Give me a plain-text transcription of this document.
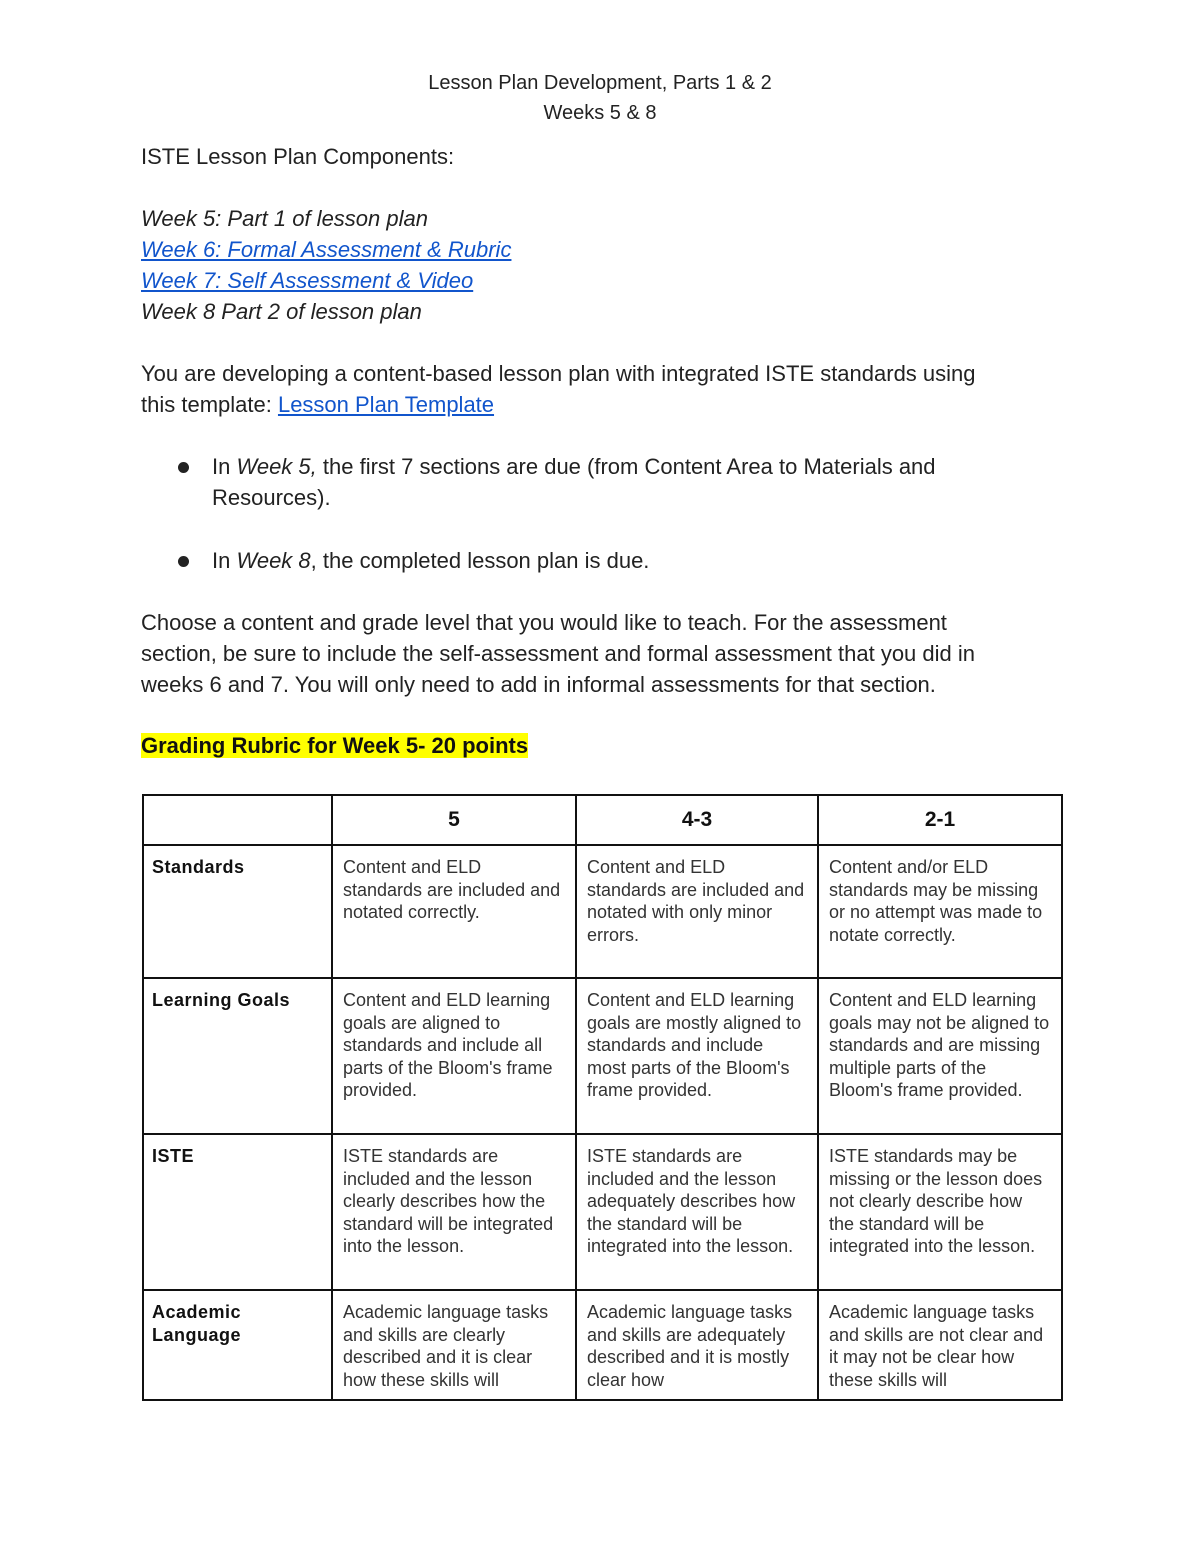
Lesson Plan Development, Parts 1 & 2
Weeks 5 & 8
ISTE Lesson Plan Components:
Week 5: Part 1 of lesson plan
Week 6: Formal Assessment & Rubric
Week 7: Self Assessment & Video
Week 8 Part 2 of lesson plan
You are developing a content-based lesson plan with integrated ISTE standards using
this template: Lesson Plan Template
In Week 5, the first 7 sections are due (from Content Area to Materials and Resources).
In Week 8, the completed lesson plan is due.
Choose a content and grade level that you would like to teach. For the assessment
section, be sure to include the self-assessment and formal assessment that you did in
weeks 6 and 7. You will only need to add in informal assessments for that section.
Grading Rubric for Week 5- 20 points
	5	4-3	2-1
Standards	Content and ELD standards are included and notated correctly.	Content and ELD standards are included and notated with only minor errors.	Content and/or ELD standards may be missing or no attempt was made to notate correctly.
Learning Goals	Content and ELD learning goals are aligned to standards and include all parts of the Bloom's frame provided.	Content and ELD learning goals are mostly aligned to standards and include most parts of the Bloom's frame provided.	Content and ELD learning goals may not be aligned to standards and are missing multiple parts of the Bloom's frame provided.
ISTE	ISTE standards are included and the lesson clearly describes how the standard will be integrated into the lesson.	ISTE standards are included and the lesson adequately describes how the standard will be integrated into the lesson.	ISTE standards may be missing or the lesson does not clearly describe how the standard will be integrated into the lesson.

Academic Language	Academic language tasks and skills are clearly described and it is clear how these skills will	Academic language tasks and skills are adequately described and it is mostly clear how	Academic language tasks and skills are not clear and it may not be clear how these skills will
